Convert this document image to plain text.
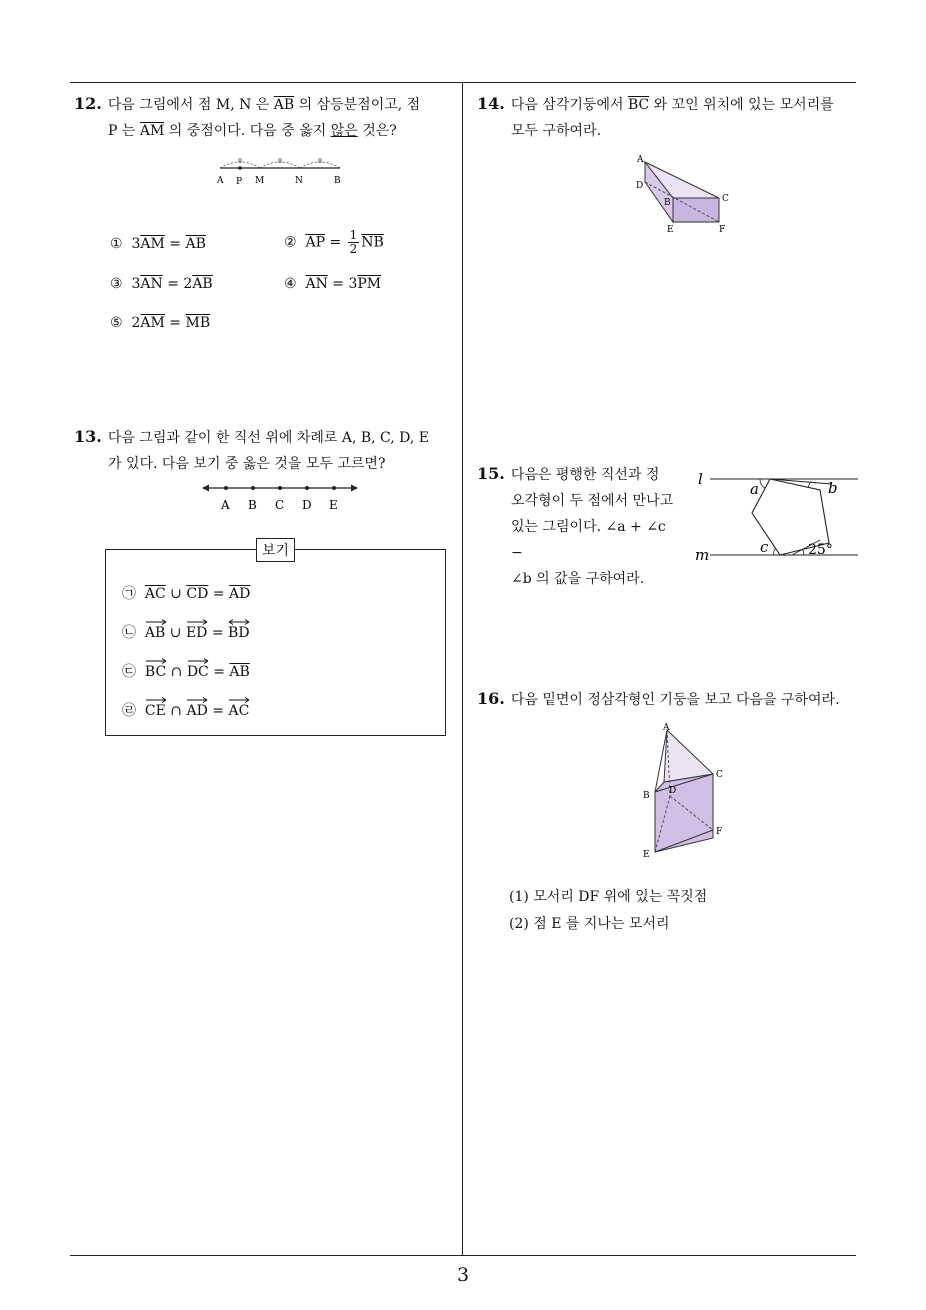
12. 다음 그림에서 점 M, N 은 $\overline{AB}$ 의 삼등분점이고, 점
P 는 $\overline{AM}$ 의 중점이다. 다음 중 옳지 않은 것은?
A P M	N	B
① $3\overline{AM} = \overline{AB}$	② $\overline{AP} = \frac{1}{2} \overline{NB}$
③ $3\overline{AN} = 2\overline{AB}$	④ $\overline{AN} = 3\overline{PM}$
⑤ $2\overline{AM} = \overline{MB}$
13. 다음 그림과 같이 한 직선 위에 차례로 A, B, C, D, E
가 있다. 다음 보기 중 옳은 것을 모두 고르면?
A B C D E
보기
㉠ $\overline{AC}$ ∪ $\overline{CD} = \overline{AD}$
㉡ AB ∪
ED =
BD
㉢ BC ∩
DC = $\overline{AB}$
㉣ CE ∩
AD =
AC
14. 다음 삼각기둥에서 $\overline{BC}$ 와 꼬인 위치에 있는 모서리를
모두 구하여라.
A
D
B	C
E	F
15. 다음은 평행한 직선과 정
오각형이 두 점에서 만나고
있는 그림이다. ∠a + ∠c −
∠b 의 값을 구하여라.
l
m
a	b
c	25°
16. 다음 밑면이 정삼각형인 기둥을 보고 다음을 구하여라.
A
B
C
D
E
F
(1) 모서리 DF 위에 있는 꼭짓점
(2) 점 E 를 지나는 모서리
3
